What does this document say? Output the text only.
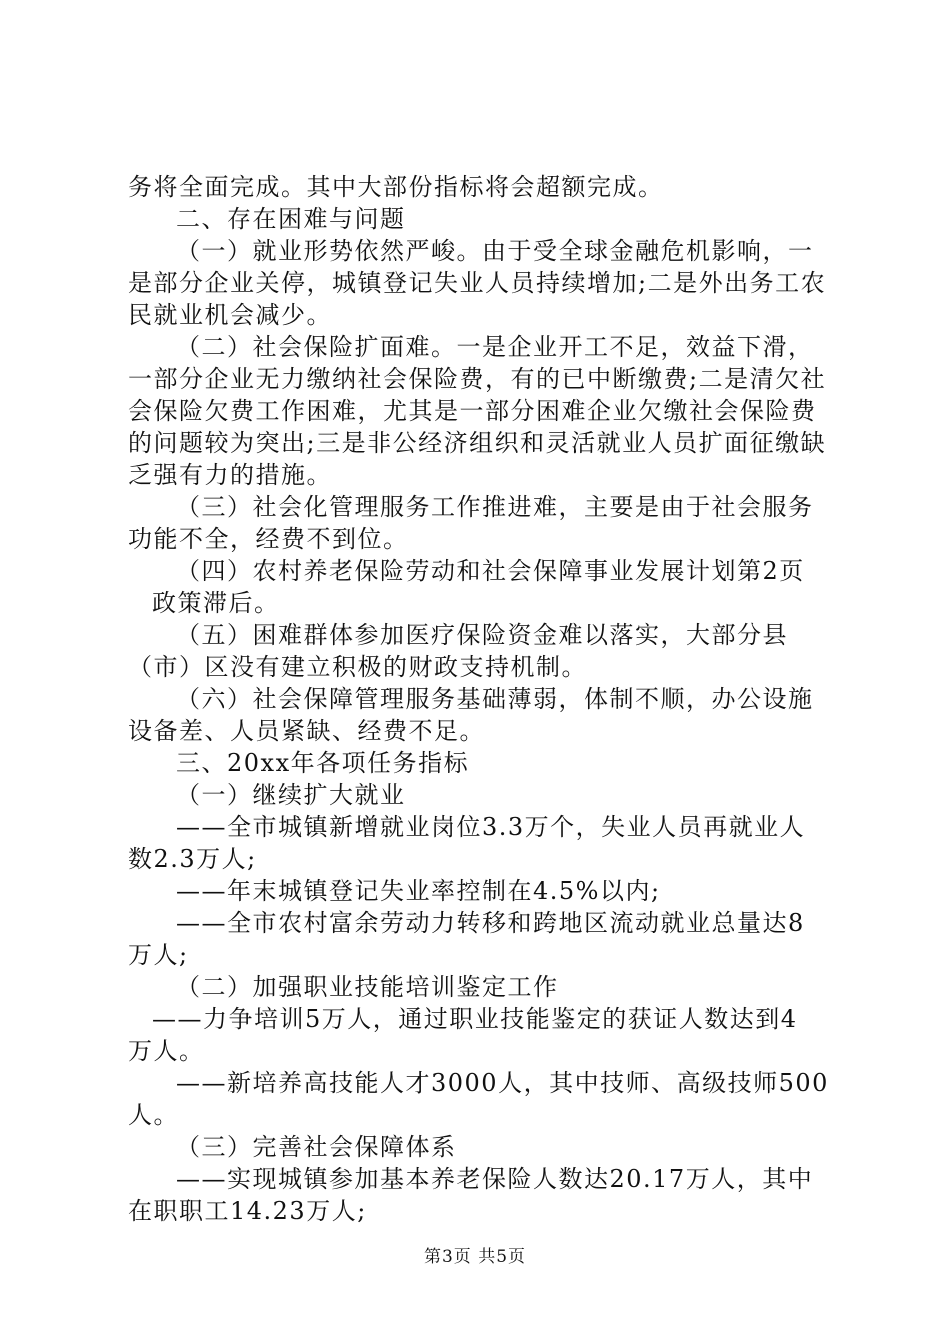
务将全面完成。其中大部份指标将会超额完成。
二、存在困难与问题
（一）就业形势依然严峻。由于受全球金融危机影响，一
是部分企业关停，城镇登记失业人员持续增加;二是外出务工农
民就业机会减少。
（二）社会保险扩面难。一是企业开工不足，效益下滑，
一部分企业无力缴纳社会保险费，有的已中断缴费;二是清欠社
会保险欠费工作困难，尤其是一部分困难企业欠缴社会保险费
的问题较为突出;三是非公经济组织和灵活就业人员扩面征缴缺
乏强有力的措施。
（三）社会化管理服务工作推进难，主要是由于社会服务
功能不全，经费不到位。
（四）农村养老保险劳动和社会保障事业发展计划第2页
政策滞后。
（五）困难群体参加医疗保险资金难以落实，大部分县
（市）区没有建立积极的财政支持机制。
（六）社会保障管理服务基础薄弱，体制不顺，办公设施
设备差、人员紧缺、经费不足。
三、20xx年各项任务指标
（一）继续扩大就业
——全市城镇新增就业岗位3.3万个，失业人员再就业人
数2.3万人;
——年末城镇登记失业率控制在4.5%以内;
——全市农村富余劳动力转移和跨地区流动就业总量达8
万人;
（二）加强职业技能培训鉴定工作
——力争培训5万人，通过职业技能鉴定的获证人数达到4
万人。
——新培养高技能人才3000人，其中技师、高级技师500
人。
（三）完善社会保障体系
——实现城镇参加基本养老保险人数达20.17万人，其中
在职职工14.23万人;
第3页 共5页
